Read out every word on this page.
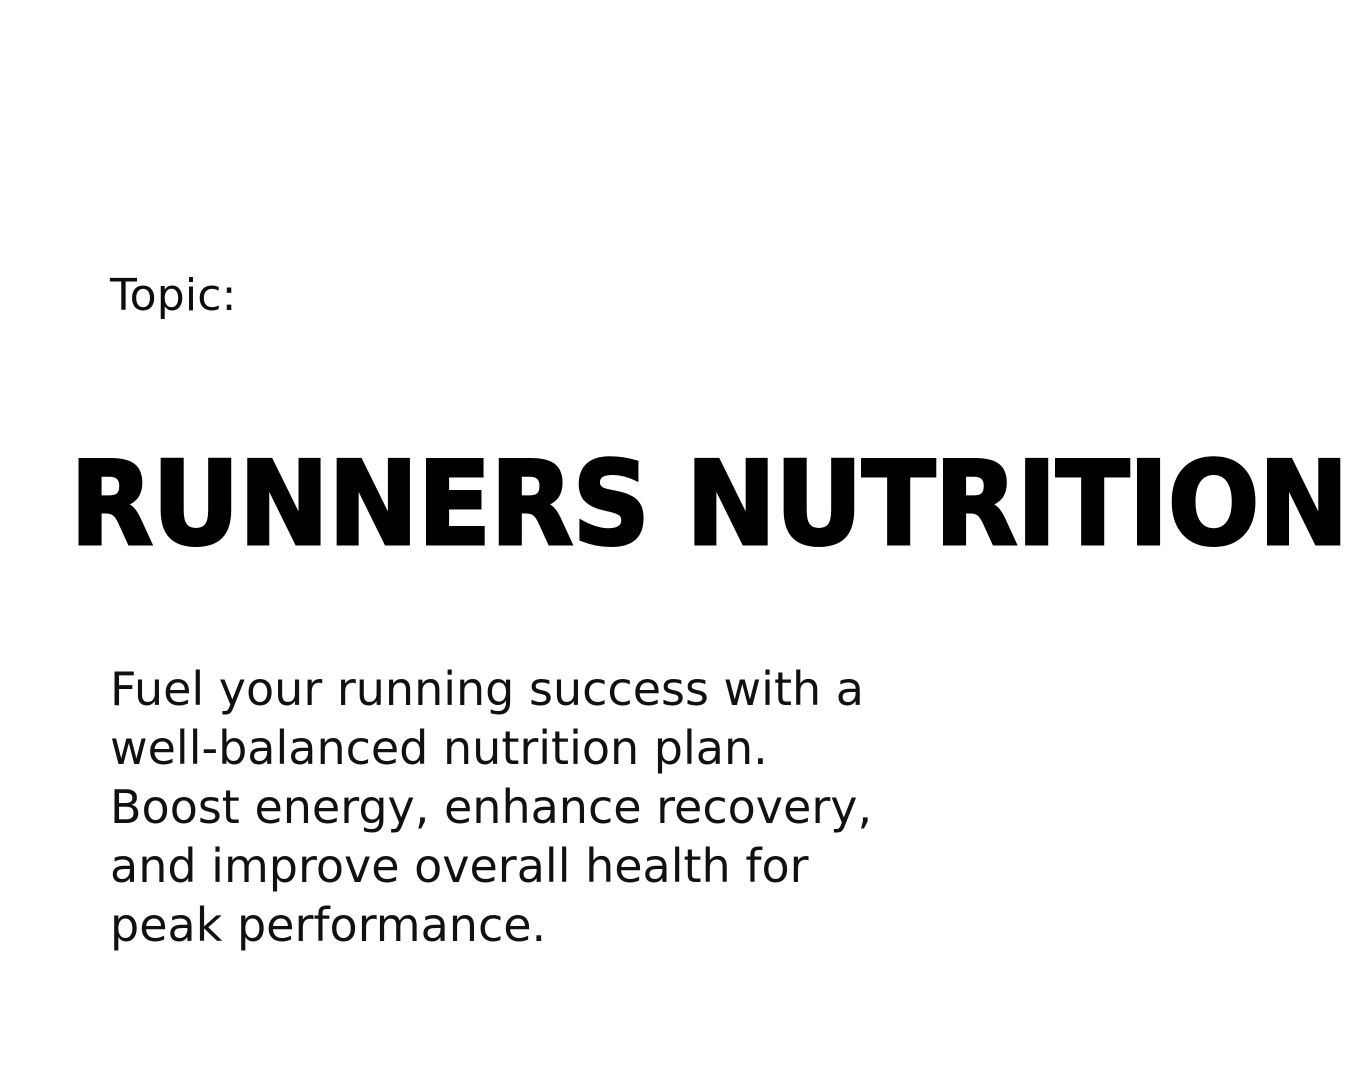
Topic:
RUNNERS NUTRITION
Fuel your running success with a
well-balanced nutrition plan.
Boost energy, enhance recovery,
and improve overall health for
peak performance.
